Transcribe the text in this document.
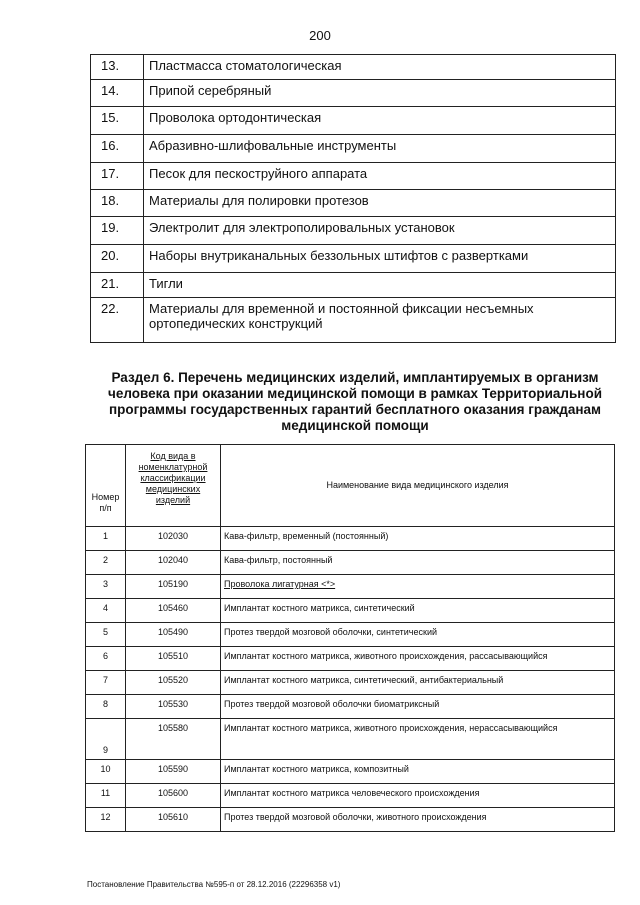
200
13.	Пластмасса стоматологическая
14.	Припой серебряный
15.	Проволока ортодонтическая
16.	Абразивно-шлифовальные инструменты
17.	Песок для пескоструйного аппарата
18.	Материалы для полировки протезов
19.	Электролит для электрополировальных установок
20.	Наборы внутриканальных беззольных штифтов с развертками
21.	Тигли
22.	Материалы для временной и постоянной фиксации несъемных ортопедических конструкций
Раздел 6. Перечень медицинских изделий, имплантируемых в организм человека при оказании медицинской помощи в рамках Территориальной программы государственных гарантий бесплатного оказания гражданам медицинской помощи
Номер п/п	Код вида в номенклатурной классификации медицинских изделий	Наименование вида медицинского изделия
1	102030	Кава-фильтр, временный (постоянный)
2	102040	Кава-фильтр, постоянный
3	105190	Проволока лигатурная <*>
4	105460	Имплантат костного матрикса, синтетический
5	105490	Протез твердой мозговой оболочки, синтетический
6	105510	Имплантат костного матрикса, животного происхождения, рассасывающийся
7	105520	Имплантат костного матрикса, синтетический, антибактериальный
8	105530	Протез твердой мозговой оболочки биоматриксный
9	105580	Имплантат костного матрикса, животного происхождения, нерассасывающийся
10	105590	Имплантат костного матрикса, композитный
11	105600	Имплантат костного матрикса человеческого происхождения
12	105610	Протез твердой мозговой оболочки, животного происхождения
Постановление Правительства №595-п от 28.12.2016 (22296358 v1)
